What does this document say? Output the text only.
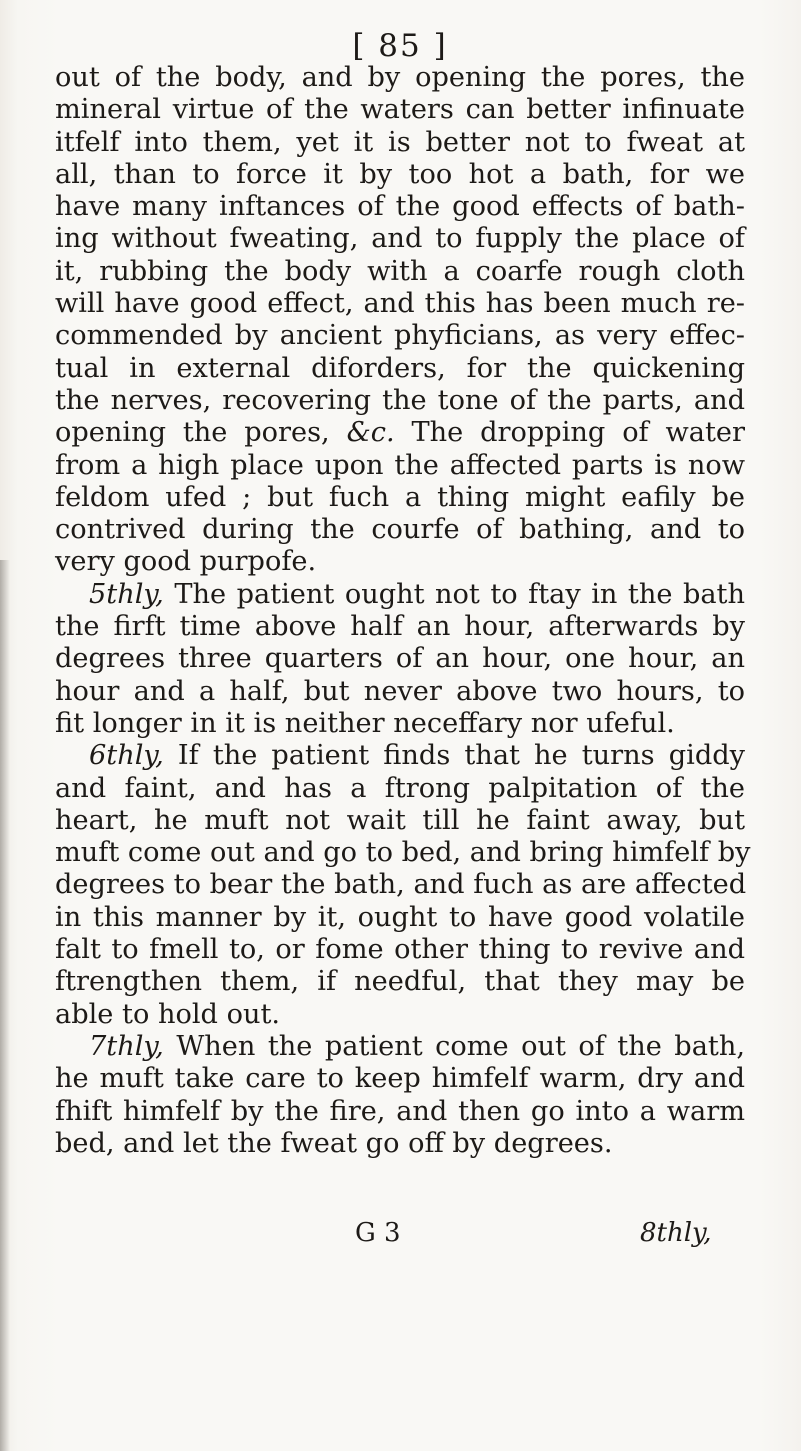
[ 85 ]
out of the body, and by opening the pores, the
mineral virtue of the waters can better infinuate
itfelf into them, yet it is better not to fweat at
all, than to force it by too hot a bath, for we
have many inftances of the good effects of bath-
ing without fweating, and to fupply the place of
it, rubbing the body with a coarfe rough cloth
will have good effect, and this has been much re-
commended by ancient phyficians, as very effec-
tual in external diforders, for the quickening
the nerves, recovering the tone of the parts, and
opening the pores, &c. The dropping of water
from a high place upon the affected parts is now
feldom ufed ; but fuch a thing might eafily be
contrived during the courfe of bathing, and to
very good purpofe.
5thly, The patient ought not to ftay in the bath
the firft time above half an hour, afterwards by
degrees three quarters of an hour, one hour, an
hour and a half, but never above two hours, to
fit longer in it is neither neceffary nor ufeful.
6thly, If the patient finds that he turns giddy
and faint, and has a ftrong palpitation of the
heart, he muft not wait till he faint away, but
muft come out and go to bed, and bring himfelf by
degrees to bear the bath, and fuch as are affected
in this manner by it, ought to have good volatile
falt to fmell to, or fome other thing to revive and
ftrengthen them, if needful, that they may be
able to hold out.
7thly, When the patient come out of the bath,
he muft take care to keep himfelf warm, dry and
fhift himfelf by the fire, and then go into a warm
bed, and let the fweat go off by degrees.
G 3	8thly,
